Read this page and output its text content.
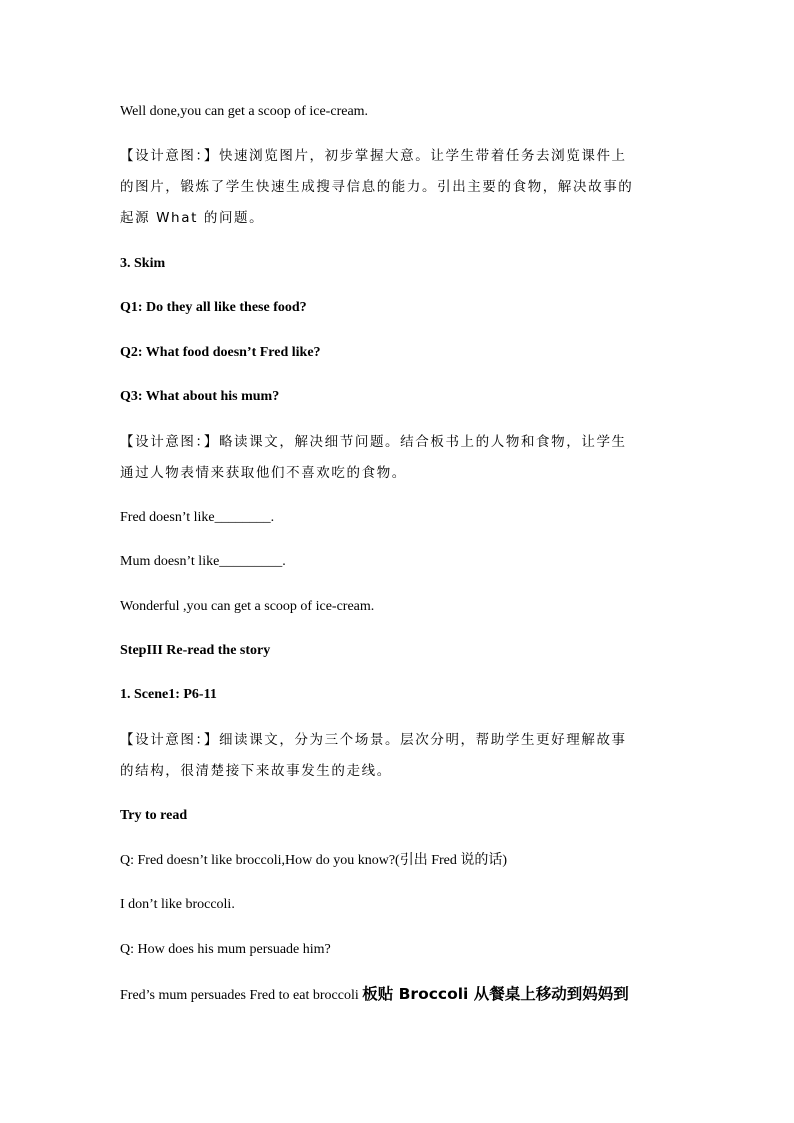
Well done,you can get a scoop of ice-cream.
【设计意图：】快速浏览图片，初步掌握大意。让学生带着任务去浏览课件上
的图片，锻炼了学生快速生成搜寻信息的能力。引出主要的食物，解决故事的
起源 What 的问题。
3. Skim
Q1: Do they all like these food?
Q2: What food doesn’t Fred like?
Q3: What about his mum?
【设计意图：】略读课文，解决细节问题。结合板书上的人物和食物，让学生
通过人物表情来获取他们不喜欢吃的食物。
Fred doesn’t like________.
Mum doesn’t like_________.
Wonderful ,you can get a scoop of ice-cream.
StepIII Re-read the story
1. Scene1: P6-11
【设计意图：】细读课文，分为三个场景。层次分明，帮助学生更好理解故事
的结构，很清楚接下来故事发生的走线。
Try to read
Q: Fred doesn’t like broccoli,How do you know?(引出 Fred 说的话)
I don’t like broccoli.
Q: How does his mum persuade him?
Fred’s mum persuades Fred to eat broccoli 板贴 Broccoli 从餐桌上移动到妈妈到
